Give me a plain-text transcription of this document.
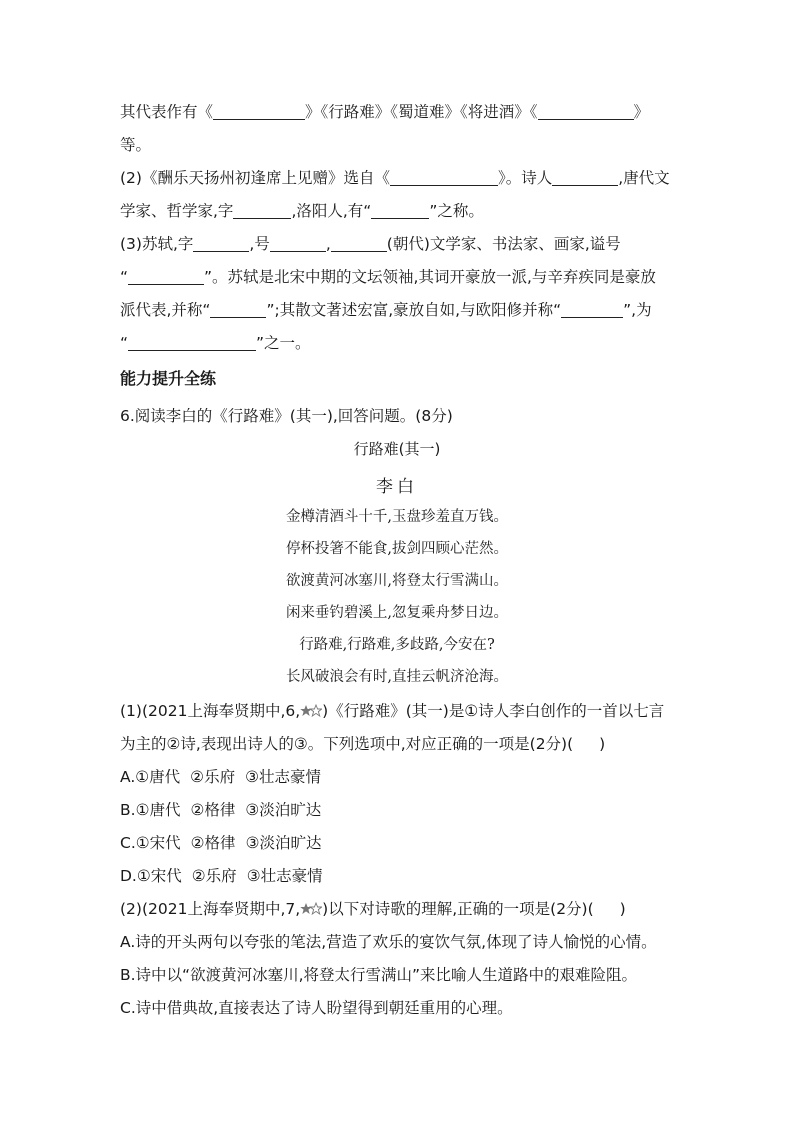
其代表作有《	》《行路难》《蜀道难》《将进酒》《	》
等。
(2)《酬乐天扬州初逢席上见赠》选自《	》。诗人	,唐代文
学家、哲学家,字	,洛阳人,有“	”之称。
(3)苏轼,字	,号	,	(朝代)文学家、书法家、画家,谥号
“	”。苏轼是北宋中期的文坛领袖,其词开豪放一派,与辛弃疾同是豪放
派代表,并称“	”;其散文著述宏富,豪放自如,与欧阳修并称“	”,为
“	”之一。
能力提升全练
6.阅读李白的《行路难》(其一),回答问题。(8分)
行路难(其一)
李白
金樽清酒斗十千,玉盘珍羞直万钱。
停杯投箸不能食,拔剑四顾心茫然。
欲渡黄河冰塞川,将登太行雪满山。
闲来垂钓碧溪上,忽复乘舟梦日边。
行路难,行路难,多歧路,今安在?
长风破浪会有时,直挂云帆济沧海。
(1)(2021上海奉贤期中,6, )《行路难》(其一)是①诗人李白创作的一首以七言
为主的②诗,表现出诗人的③。下列选项中,对应正确的一项是(2分)( )
A.①唐代 ②乐府 ③壮志豪情
B.①唐代 ②格律 ③淡泊旷达
C.①宋代 ②格律 ③淡泊旷达
D.①宋代 ②乐府 ③壮志豪情
(2)(2021上海奉贤期中,7, )以下对诗歌的理解,正确的一项是(2分)( )
A.诗的开头两句以夸张的笔法,营造了欢乐的宴饮气氛,体现了诗人愉悦的心情。
B.诗中以“欲渡黄河冰塞川,将登太行雪满山”来比喻人生道路中的艰难险阻。
C.诗中借典故,直接表达了诗人盼望得到朝廷重用的心理。
